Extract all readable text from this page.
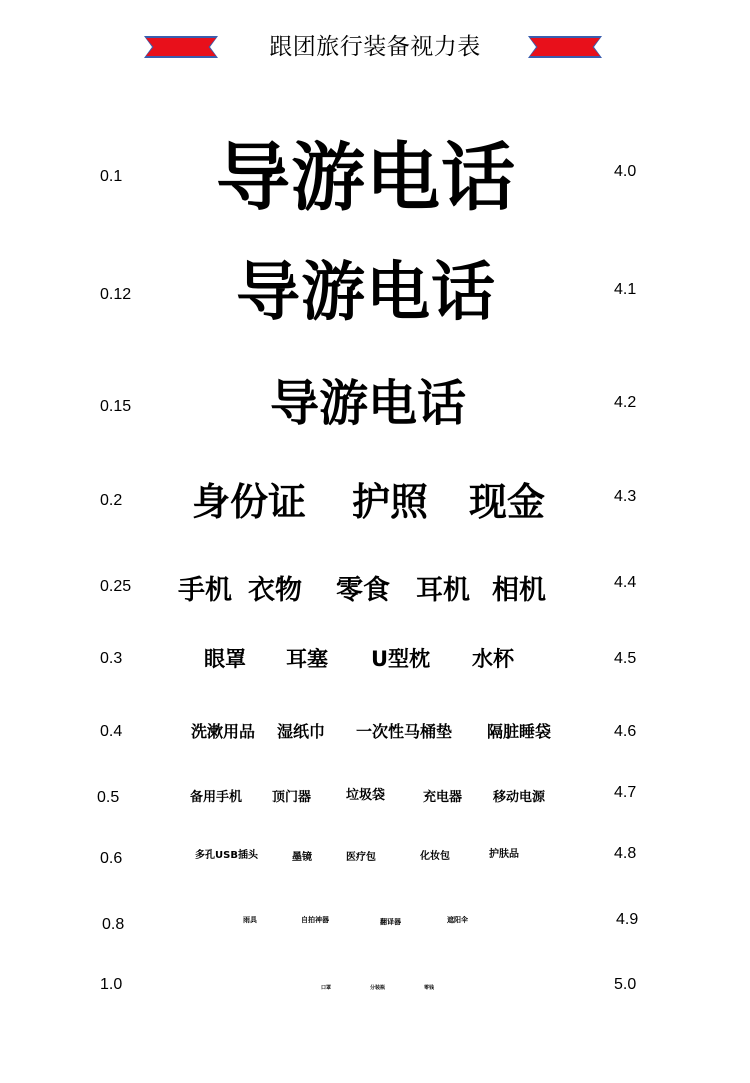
跟团旅行装备视力表
0.1 导游电话	4.0
0.12 导游电话	4.1
0.15	导游电话	4.2
0.2 身份证 护照 现金	4.3
0.25 手机 衣物 零食 耳机 相机	4.4
0.3	眼罩 耳塞 U型枕 水杯	4.5
0.4	洗漱用品 湿纸巾 一次性马桶垫 隔脏睡袋	4.6
0.5	备用手机 顶门器	垃圾袋	充电器 移动电源	4.7
0.6	多孔USB插头	墨镜	医疗包	化妆包	护肤品	4.8
0.8	雨具	自拍神器	翻译器	遮阳伞	4.9
1.0	口罩	分装瓶	零钱	5.0
